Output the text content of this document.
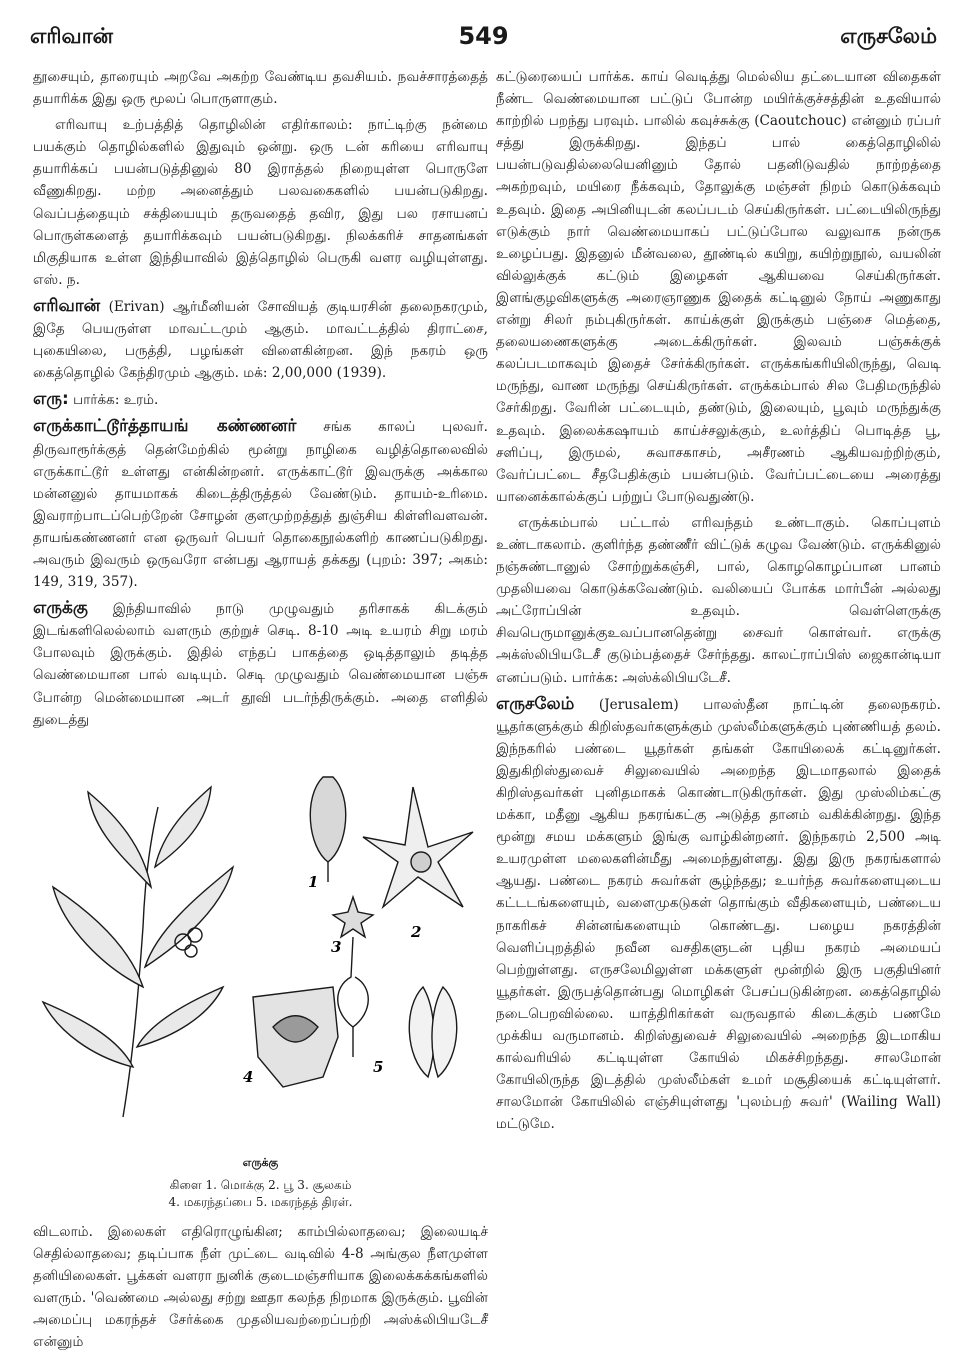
எரிவான்	549	எருசலேம்

தூசையும், தாரையும் அறவே அகற்ற வேண்டிய தவசியம். நவச்சாரத்தைத் தயாரிக்க இது ஒரு மூலப் பொருளாகும்.

எரிவாயு உற்பத்தித் தொழிலின் எதிர்காலம்: நாட்டிற்கு நன்மை பயக்கும் தொழில்களில் இதுவும் ஒன்று. ஒரு டன் கரியை எரிவாயு தயாரிக்கப் பயன்படுத்தினுல் 80 இராத்தல் நிறையுள்ள பொருளே வீணுகிறது. மற்ற அனைத்தும் பலவகைகளில் பயன்படுகிறது. வெப்பத்தையும் சக்தியையும் தருவதைத் தவிர, இது பல ரசாயனப் பொருள்களைத் தயாரிக்கவும் பயன்படுகிறது. நிலக்கரிச் சாதனங்கள் மிகுதியாக உள்ள இந்தியாவில் இத்தொழில் பெருகி வளர வழியுள்ளது. எஸ். ந.

எரிவான் (Erivan) ஆர்மீனியன் சோவியத் குடியரசின் தலைநகரமும், இதே பெயருள்ள மாவட்டமும் ஆகும். மாவட்டத்தில் திராட்சை, புகையிலை, பருத்தி, பழங்கள் விளைகின்றன. இந் நகரம் ஒரு கைத்தொழில் கேந்திரமும் ஆகும். மக்: 2,00,000 (1939).

எரு: பார்க்க: உரம்.

எருக்காட்டூர்த்தாயங் கண்ணனர் சங்க காலப் புலவர். திருவாரூர்க்குத் தென்மேற்கில் மூன்று நாழிகை வழித்தொலைவில் எருக்காட்டூர் உள்ளது என்கின்றனர். எருக்காட்டூர் இவருக்கு அக்கால மன்னனுல் தாயமாகக் கிடைத்திருத்தல் வேண்டும். தாயம்-உரிமை. இவராற்பாடப்பெற்றேன் சோழன் குளமுற்றத்துத் துஞ்சிய கிள்ளிவளவன். தாயங்கண்ணனர் என ஒருவர் பெயர் தொகைநூல்களிற் காணப்படுகிறது. அவரும் இவரும் ஒருவரோ என்பது ஆராயத் தக்கது (புறம்: 397; அகம்: 149, 319, 357).

எருக்கு இந்தியாவில் நாடு முழுவதும் தரிசாகக் கிடக்கும் இடங்களிலெல்லாம் வளரும் குற்றுச் செடி. 8-10 அடி உயரம் சிறு மரம் போலவும் இருக்கும். இதில் எந்தப் பாகத்தை ஒடித்தாலும் தடித்த வெண்மையான பால் வடியும். செடி முழுவதும் வெண்மையான பஞ்சு போன்ற மென்மையான அடர் தூவி படர்ந்திருக்கும். அதை எளிதில் துடைத்து

1
2
3
4
5
எருக்கு
கிளை 1. மொக்கு 2. பூ 3. சூலகம்
4. மகரந்தப்பை 5. மகரந்தத் திரள்.

விடலாம். இலைகள் எதிரொழுங்கின; காம்பில்லாதவை; இலையடிச் செதில்லாதவை; தடிப்பாக நீள் முட்டை வடிவில் 4-8 அங்குல நீளமுள்ள தனியிலைகள். பூக்கள் வளரா நுனிக் குடைமஞ்சரியாக இலைக்கக்கங்களில் வளரும். 'வெண்மை அல்லது சற்று ஊதா கலந்த நிறமாக இருக்கும். பூவின் அமைப்பு மகரந்தச் சேர்க்கை முதலியவற்றைப்பற்றி அஸ்க்லிபியடேசீ என்னும்

கட்டுரையைப் பார்க்க. காய் வெடித்து மெல்லிய தட்டையான விதைகள் நீண்ட வெண்மையான பட்டுப் போன்ற மயிர்க்குச்சத்தின் உதவியால் காற்றில் பறந்து பரவும். பாலில் கவுச்சுக்கு (Caoutchouc) என்னும் ரப்பர் சத்து இருக்கிறது. இந்தப் பால் கைத்தொழிலில் பயன்படுவதில்லையெனினும் தோல் பதனிடுவதில் நாற்றத்தை அகற்றவும், மயிரை நீக்கவும், தோலுக்கு மஞ்சள் நிறம் கொடுக்கவும் உதவும். இதை அபினியுடன் கலப்படம் செய்கிருர்கள். பட்டையிலிருந்து எடுக்கும் நார் வெண்மையாகப் பட்டுப்போல வலுவாக நன்ருக உழைப்பது. இதனுல் மீன்வலை, தூண்டில் கயிறு, கயிற்றுநூல், வயலின் வில்லுக்குக் கட்டும் இழைகள் ஆகியவை செய்கிருர்கள். இளங்குழவிகளுக்கு அரைஞாணுக இதைக் கட்டினுல் நோய் அணுகாது என்று சிலர் நம்புகிருர்கள். காய்க்குள் இருக்கும் பஞ்சை மெத்தை, தலையணைகளுக்கு அடைக்கிருர்கள். இலவம் பஞ்சுக்குக் கலப்படமாகவும் இதைச் சேர்க்கிருர்கள். எருக்கங்கரியிலிருந்து, வெடி மருந்து, வாண மருந்து செய்கிருர்கள். எருக்கம்பால் சில பேதிமருந்தில் சேர்கிறது. வேரின் பட்டையும், தண்டும், இலையும், பூவும் மருந்துக்கு உதவும். இலைக்கஷாயம் காய்ச்சலுக்கும், உலர்த்திப் பொடித்த பூ, சளிப்பு, இருமல், சுவாசகாசம், அசீரணம் ஆகியவற்றிற்கும், வேர்ப்பட்டை சீதபேதிக்கும் பயன்படும். வேர்ப்பட்டையை அரைத்து யானைக்கால்க்குப் பற்றுப் போடுவதுண்டு.

எருக்கம்பால் பட்டால் எரிவந்தம் உண்டாகும். கொப்புளம் உண்டாகலாம். குளிர்ந்த தண்ணீர் விட்டுக் கழுவ வேண்டும். எருக்கினுல் நஞ்சுண்டானுல் சோற்றுக்கஞ்சி, பால், கொழகொழப்பான பானம் முதலியவை கொடுக்கவேண்டும். வலியைப் போக்க மார்பீன் அல்லது அட்ரோப்பின் உதவும். வெள்ளெருக்கு சிவபெருமானுக்குஉவப்பானதென்று சைவர் கொள்வர். எருக்கு அக்ஸ்லிபியடேசீ குடும்பத்தைச் சேர்ந்தது. காலட்ராப்பிஸ் ஜைகான்டியா எனப்படும். பார்க்க: அஸ்க்லிபியடேசீ.

எருசலேம் (Jerusalem) பாலஸ்தீன நாட்டின் தலைநகரம். யூதர்களுக்கும் கிறிஸ்தவர்களுக்கும் முஸ்லீம்களுக்கும் புண்ணியத் தலம். இந்நகரில் பண்டை யூதர்கள் தங்கள் கோயிலைக் கட்டினுர்கள். இதுகிறிஸ்துவைச் சிலுவையில் அறைந்த இடமாதலால் இதைக் கிறிஸ்தவர்கள் புனிதமாகக் கொண்டாடுகிருர்கள். இது முஸ்லிம்கட்கு மக்கா, மதீனு ஆகிய நகரங்கட்கு அடுத்த தானம் வகிக்கின்றது. இந்த மூன்று சமய மக்களும் இங்கு வாழ்கின்றனர். இந்நகரம் 2,500 அடி உயரமுள்ள மலைகளின்மீது அமைந்துள்ளது. இது இரு நகரங்களால் ஆயது. பண்டை நகரம் சுவர்கள் சூழ்ந்தது; உயர்ந்த சுவர்களையுடைய கட்டடங்களையும், வளைமுகடுகள் தொங்கும் வீதிகளையும், பண்டைய நாகரிகச் சின்னங்களையும் கொண்டது. பழைய நகரத்தின் வெளிப்புறத்தில் நவீன வசதிகளுடன் புதிய நகரம் அமையப் பெற்றுள்ளது. எருசலேமிலுள்ள மக்களுள் மூன்றில் இரு பகுதியினர் யூதர்கள். இருபத்தொன்பது மொழிகள் பேசப்படுகின்றன. கைத்தொழில் நடைபெறவில்லை. யாத்திரிகர்கள் வருவதால் கிடைக்கும் பணமே முக்கிய வருமானம். கிறிஸ்துவைச் சிலுவையில் அறைந்த இடமாகிய கால்வரியில் கட்டியுள்ள கோயில் மிகச்சிறந்தது. சாலமோன் கோயிலிருந்த இடத்தில் முஸ்லீம்கள் உமர் மசூதியைக் கட்டியுள்ளர். சாலமோன் கோயிலில் எஞ்சியுள்ளது 'புலம்பற் சுவர்' (Wailing Wall) மட்டுமே.
